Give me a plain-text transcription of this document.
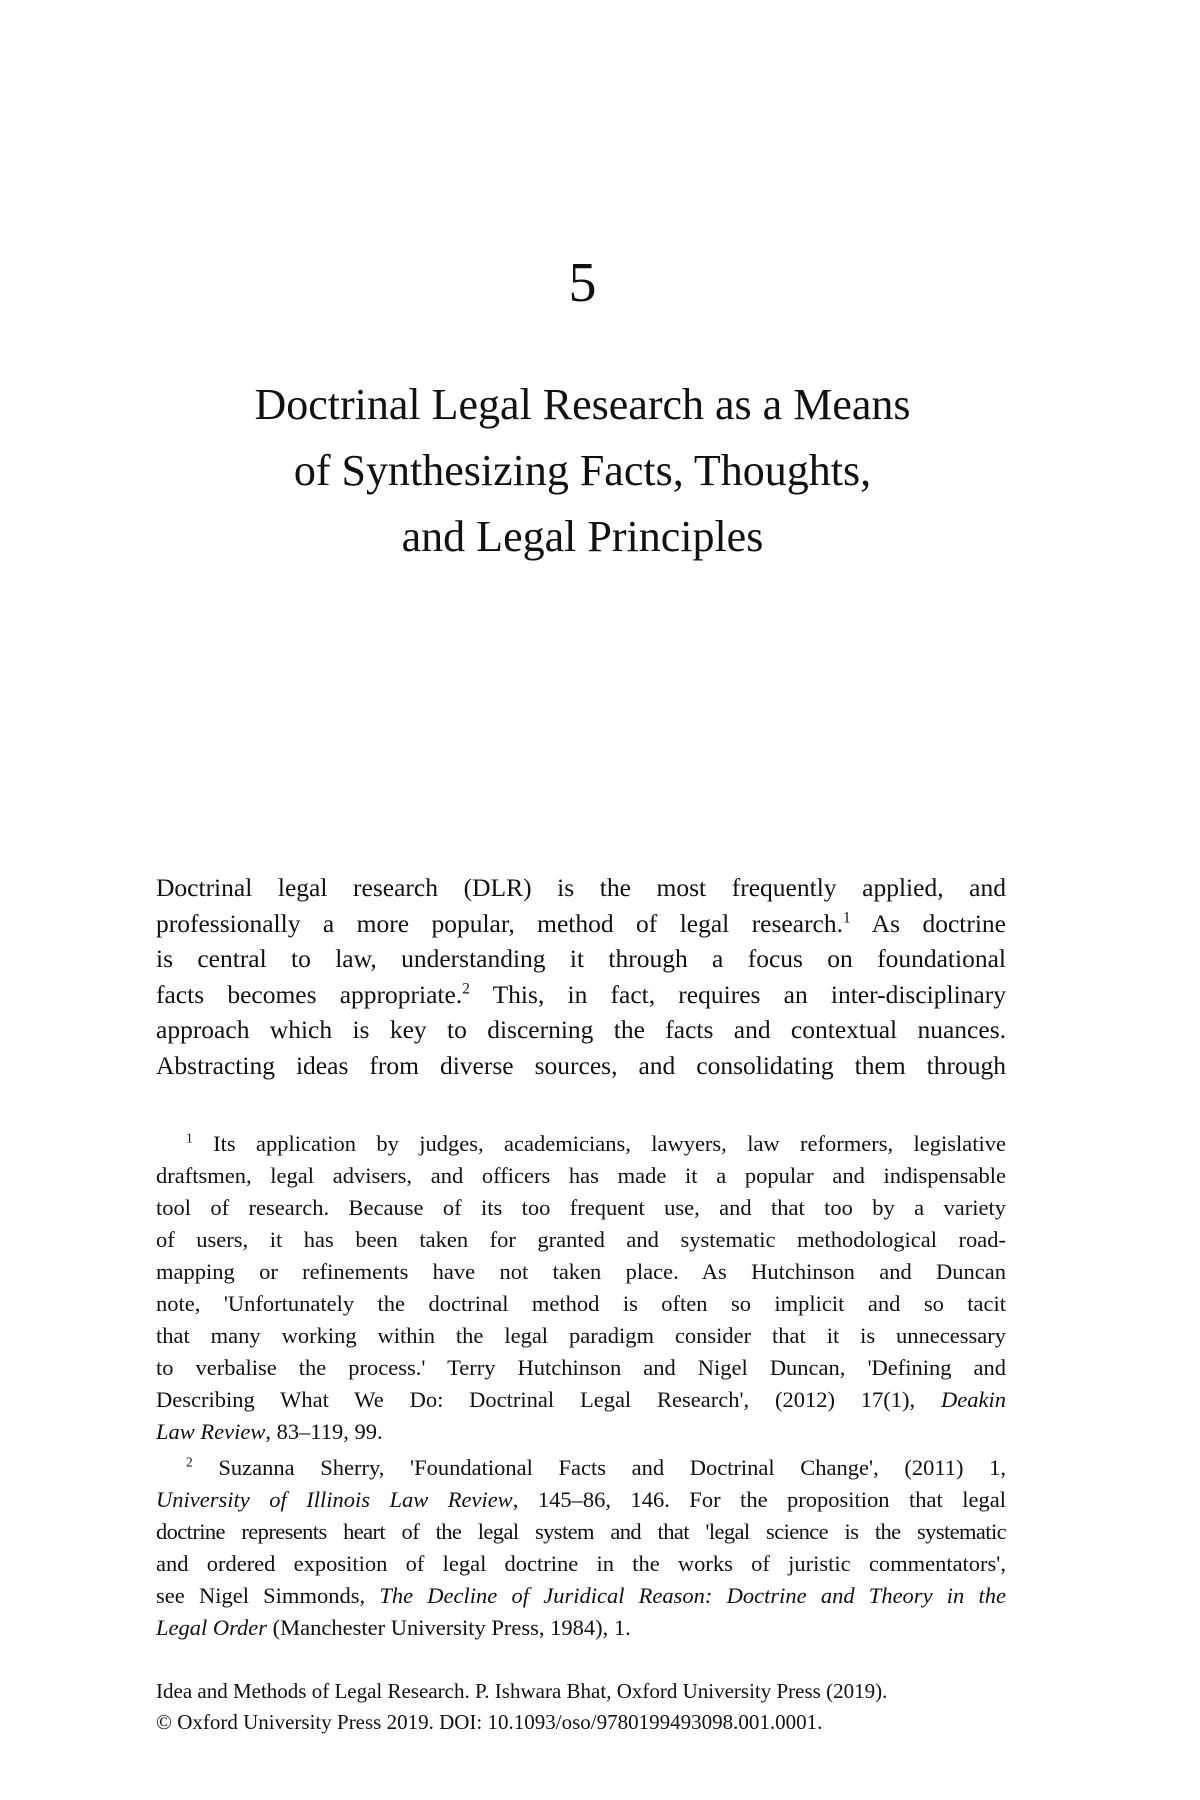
5
Doctrinal Legal Research as a Means
of Synthesizing Facts, Thoughts,
and Legal Principles
Doctrinal legal research (DLR) is the most frequently applied, and
professionally a more popular, method of legal research.$^1$ As doctrine
is central to law, understanding it through a focus on foundational
facts becomes appropriate.$^2$ This, in fact, requires an inter-disciplinary
approach which is key to discerning the facts and contextual nuances.
Abstracting ideas from diverse sources, and consolidating them through
$^1$ Its application by judges, academicians, lawyers, law reformers, legislative
draftsmen, legal advisers, and officers has made it a popular and indispensable
tool of research. Because of its too frequent use, and that too by a variety
of users, it has been taken for granted and systematic methodological road-
mapping or refinements have not taken place. As Hutchinson and Duncan
note, 'Unfortunately the doctrinal method is often so implicit and so tacit
that many working within the legal paradigm consider that it is unnecessary
to verbalise the process.' Terry Hutchinson and Nigel Duncan, 'Defining and
Describing What We Do: Doctrinal Legal Research', (2012) 17(1), Deakin
Law Review, 83–119, 99.
$^2$ Suzanna Sherry, 'Foundational Facts and Doctrinal Change', (2011) 1,
University of Illinois Law Review, 145–86, 146. For the proposition that legal
doctrine represents heart of the legal system and that 'legal science is the systematic
and ordered exposition of legal doctrine in the works of juristic commentators',
see Nigel Simmonds, The Decline of Juridical Reason: Doctrine and Theory in the
Legal Order (Manchester University Press, 1984), 1.
Idea and Methods of Legal Research. P. Ishwara Bhat, Oxford University Press (2019).
© Oxford University Press 2019. DOI: 10.1093/oso/9780199493098.001.0001.
